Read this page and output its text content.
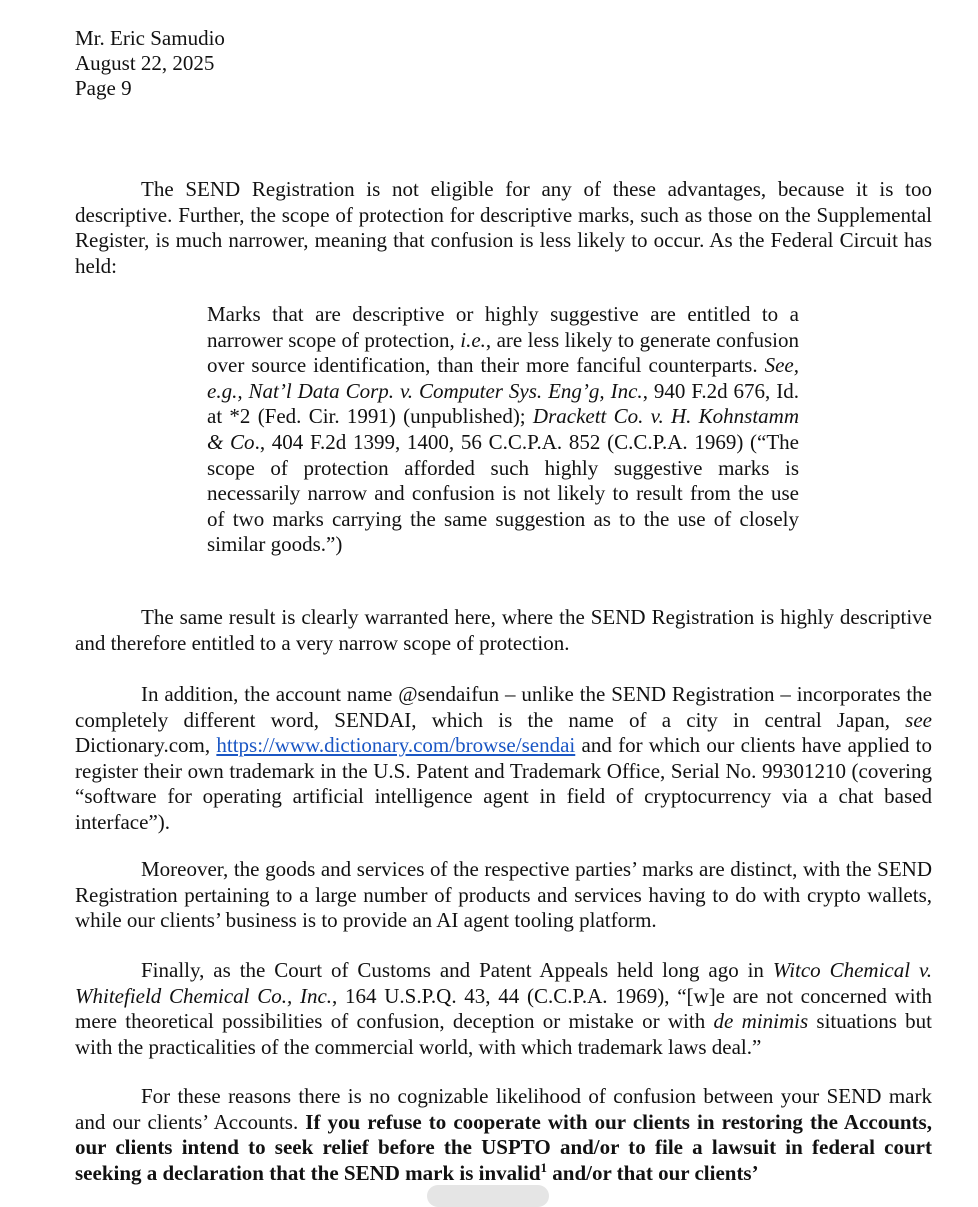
Mr. Eric Samudio
August 22, 2025
Page 9
The SEND Registration is not eligible for any of these advantages, because it is too descriptive. Further, the scope of protection for descriptive marks, such as those on the Supplemental Register, is much narrower, meaning that confusion is less likely to occur. As the Federal Circuit has held:
Marks that are descriptive or highly suggestive are entitled to a narrower scope of protection, i.e., are less likely to generate confusion over source identification, than their more fanciful counterparts. See, e.g., Nat’l Data Corp. v. Computer Sys. Eng’g, Inc., 940 F.2d 676, Id. at *2 (Fed. Cir. 1991) (unpublished); Drackett Co. v. H. Kohnstamm & Co., 404 F.2d 1399, 1400, 56 C.C.P.A. 852 (C.C.P.A. 1969) (“The scope of protection afforded such highly suggestive marks is necessarily narrow and confusion is not likely to result from the use of two marks carrying the same suggestion as to the use of closely similar goods.”)
The same result is clearly warranted here, where the SEND Registration is highly descriptive and therefore entitled to a very narrow scope of protection.
In addition, the account name @sendaifun – unlike the SEND Registration – incorporates the completely different word, SENDAI, which is the name of a city in central Japan, see Dictionary.com, https://www.dictionary.com/browse/sendai and for which our clients have applied to register their own trademark in the U.S. Patent and Trademark Office, Serial No. 99301210 (covering “software for operating artificial intelligence agent in field of cryptocurrency via a chat based interface”).
Moreover, the goods and services of the respective parties’ marks are distinct, with the SEND Registration pertaining to a large number of products and services having to do with crypto wallets, while our clients’ business is to provide an AI agent tooling platform.
Finally, as the Court of Customs and Patent Appeals held long ago in Witco Chemical v. Whitefield Chemical Co., Inc., 164 U.S.P.Q. 43, 44 (C.C.P.A. 1969), “[w]e are not concerned with mere theoretical possibilities of confusion, deception or mistake or with de minimis situations but with the practicalities of the commercial world, with which trademark laws deal.”
For these reasons there is no cognizable likelihood of confusion between your SEND mark and our clients’ Accounts. If you refuse to cooperate with our clients in restoring the Accounts, our clients intend to seek relief before the USPTO and/or to file a lawsuit in federal court seeking a declaration that the SEND mark is invalid$^1$ and/or that our clients’
